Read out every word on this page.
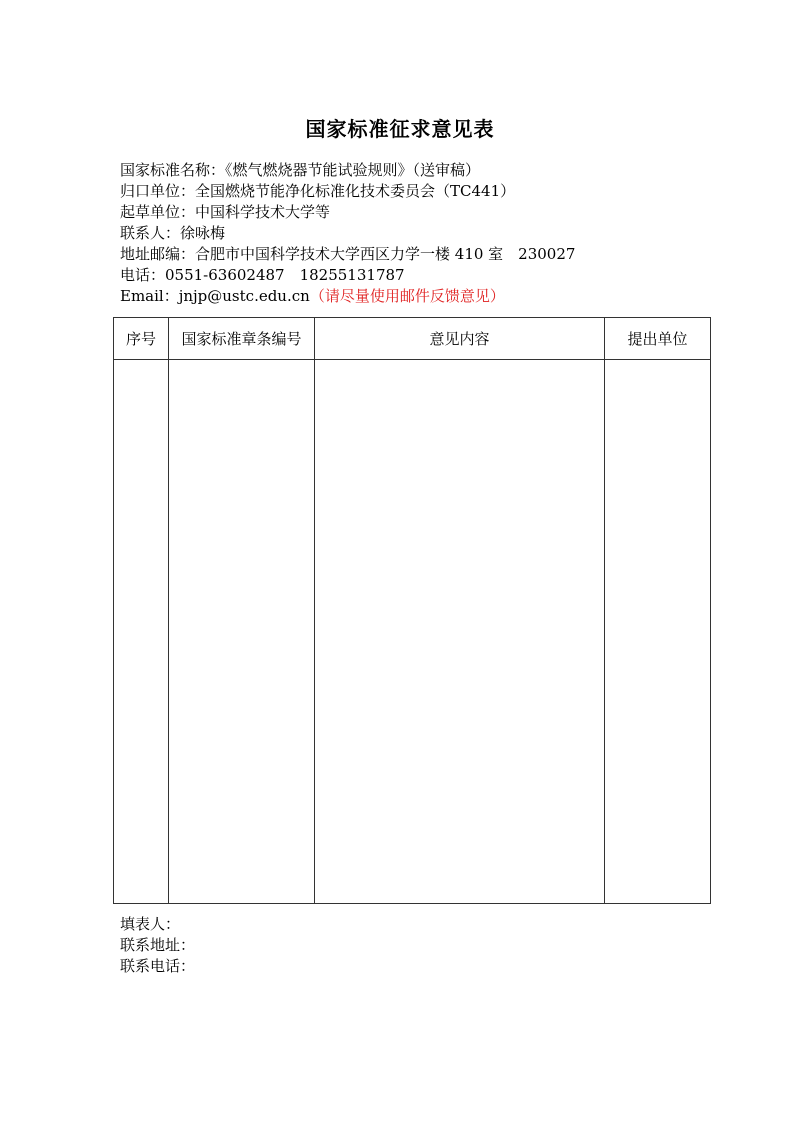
国家标准征求意见表
国家标准名称：《燃气燃烧器节能试验规则》（送审稿）
归口单位：全国燃烧节能净化标准化技术委员会（TC441）
起草单位：中国科学技术大学等
联系人：徐咏梅
地址邮编：合肥市中国科学技术大学西区力学一楼 410 室　230027
电话：0551-63602487　18255131787
Email：jnjp@ustc.edu.cn（请尽量使用邮件反馈意见）
序号	国家标准章条编号	意见内容	提出单位

填表人：
联系地址：
联系电话：
